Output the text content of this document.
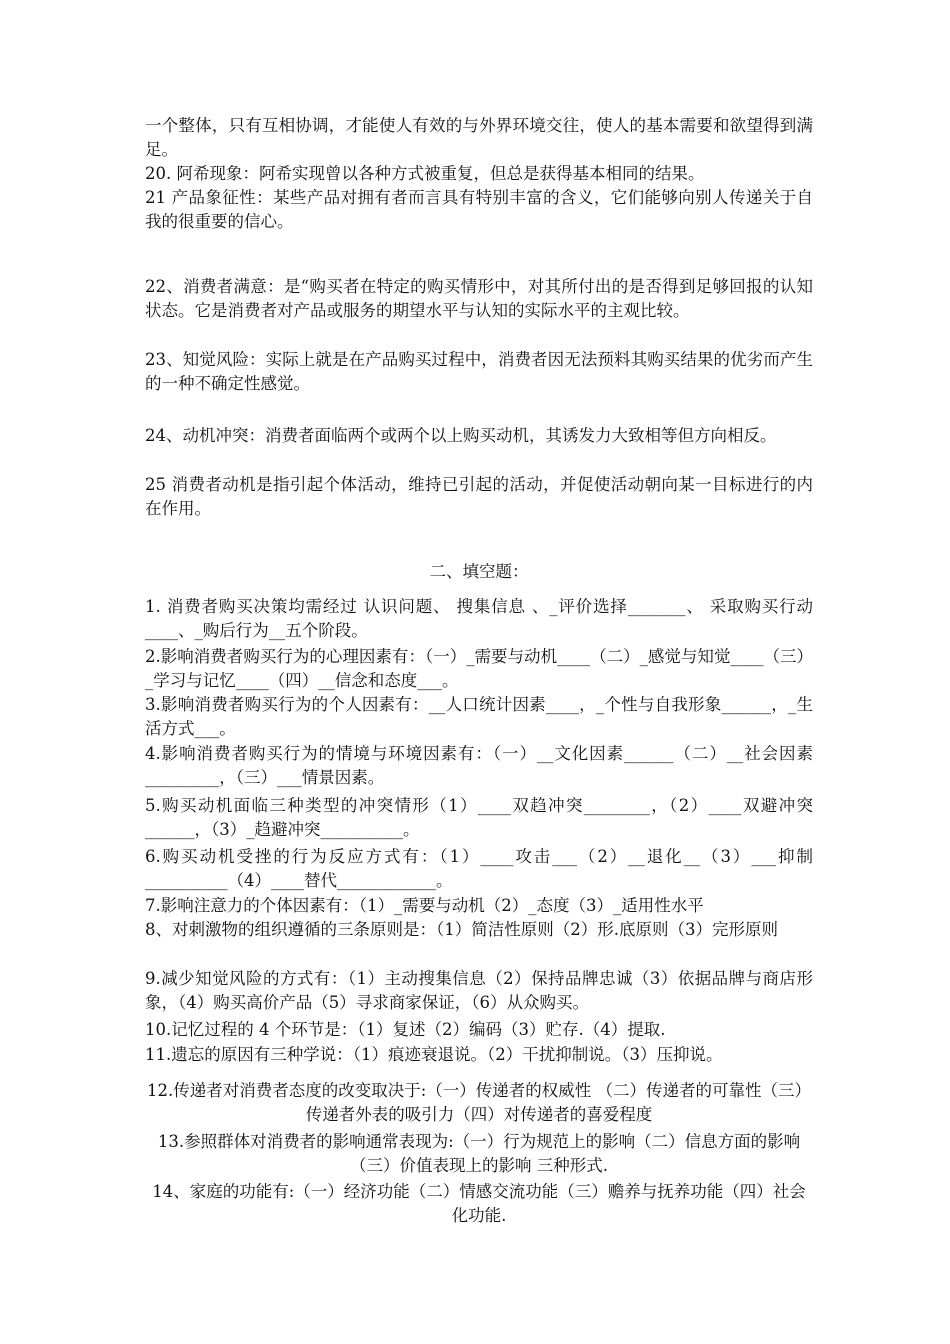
一个整体，只有互相协调，才能使人有效的与外界环境交往，使人的基本需要和欲望得到满足。
20. 阿希现象：阿希实现曾以各种方式被重复，但总是获得基本相同的结果。
21 产品象征性：某些产品对拥有者而言具有特别丰富的含义，它们能够向别人传递关于自我的很重要的信心。
22、消费者满意：是“购买者在特定的购买情形中，对其所付出的是否得到足够回报的认知状态。它是消费者对产品或服务的期望水平与认知的实际水平的主观比较。
23、知觉风险：实际上就是在产品购买过程中，消费者因无法预料其购买结果的优劣而产生的一种不确定性感觉。
24、动机冲突：消费者面临两个或两个以上购买动机，其诱发力大致相等但方向相反。
25 消费者动机是指引起个体活动，维持已引起的活动，并促使活动朝向某一目标进行的内在作用。
二、填空题：
1. 消费者购买决策均需经过 认识问题、 搜集信息 、_评价选择_______、 采取购买行动 ____、_购后行为__五个阶段。
2.影响消费者购买行为的心理因素有：（一）_需要与动机____（二）_感觉与知觉____（三）_学习与记忆____（四）__信念和态度___。
3.影响消费者购买行为的个人因素有：__人口统计因素____，_个性与自我形象______，_生活方式___。
4.影响消费者购买行为的情境与环境因素有：（一）__文化因素______（二）__社会因素_________，（三）___情景因素。
5.购买动机面临三种类型的冲突情形（1）____双趋冲突________，（2）____双避冲突______，（3）_趋避冲突__________。
6.购买动机受挫的行为反应方式有：（1）____攻击___（2）__退化__（3）___抑制__________（4）____替代____________。
7.影响注意力的个体因素有：（1）_需要与动机（2）_态度（3）_适用性水平
8、对刺激物的组织遵循的三条原则是：（1）简洁性原则（2）形.底原则（3）完形原则
9.减少知觉风险的方式有：（1）主动搜集信息（2）保持品牌忠诚（3）依据品牌与商店形象，（4）购买高价产品（5）寻求商家保证，（6）从众购买。
10.记忆过程的 4 个环节是：（1）复述（2）编码（3）贮存.（4）提取.
11.遗忘的原因有三种学说：（1）痕迹衰退说。（2）干扰抑制说。（3）压抑说。
12.传递者对消费者态度的改变取决于:（一）传递者的权威性 （二）传递者的可靠性（三）传递者外表的吸引力（四）对传递者的喜爱程度
13.参照群体对消费者的影响通常表现为:（一）行为规范上的影响（二）信息方面的影响（三）价值表现上的影响 三种形式.
14、家庭的功能有:（一）经济功能（二）情感交流功能（三）赡养与抚养功能（四）社会化功能.
